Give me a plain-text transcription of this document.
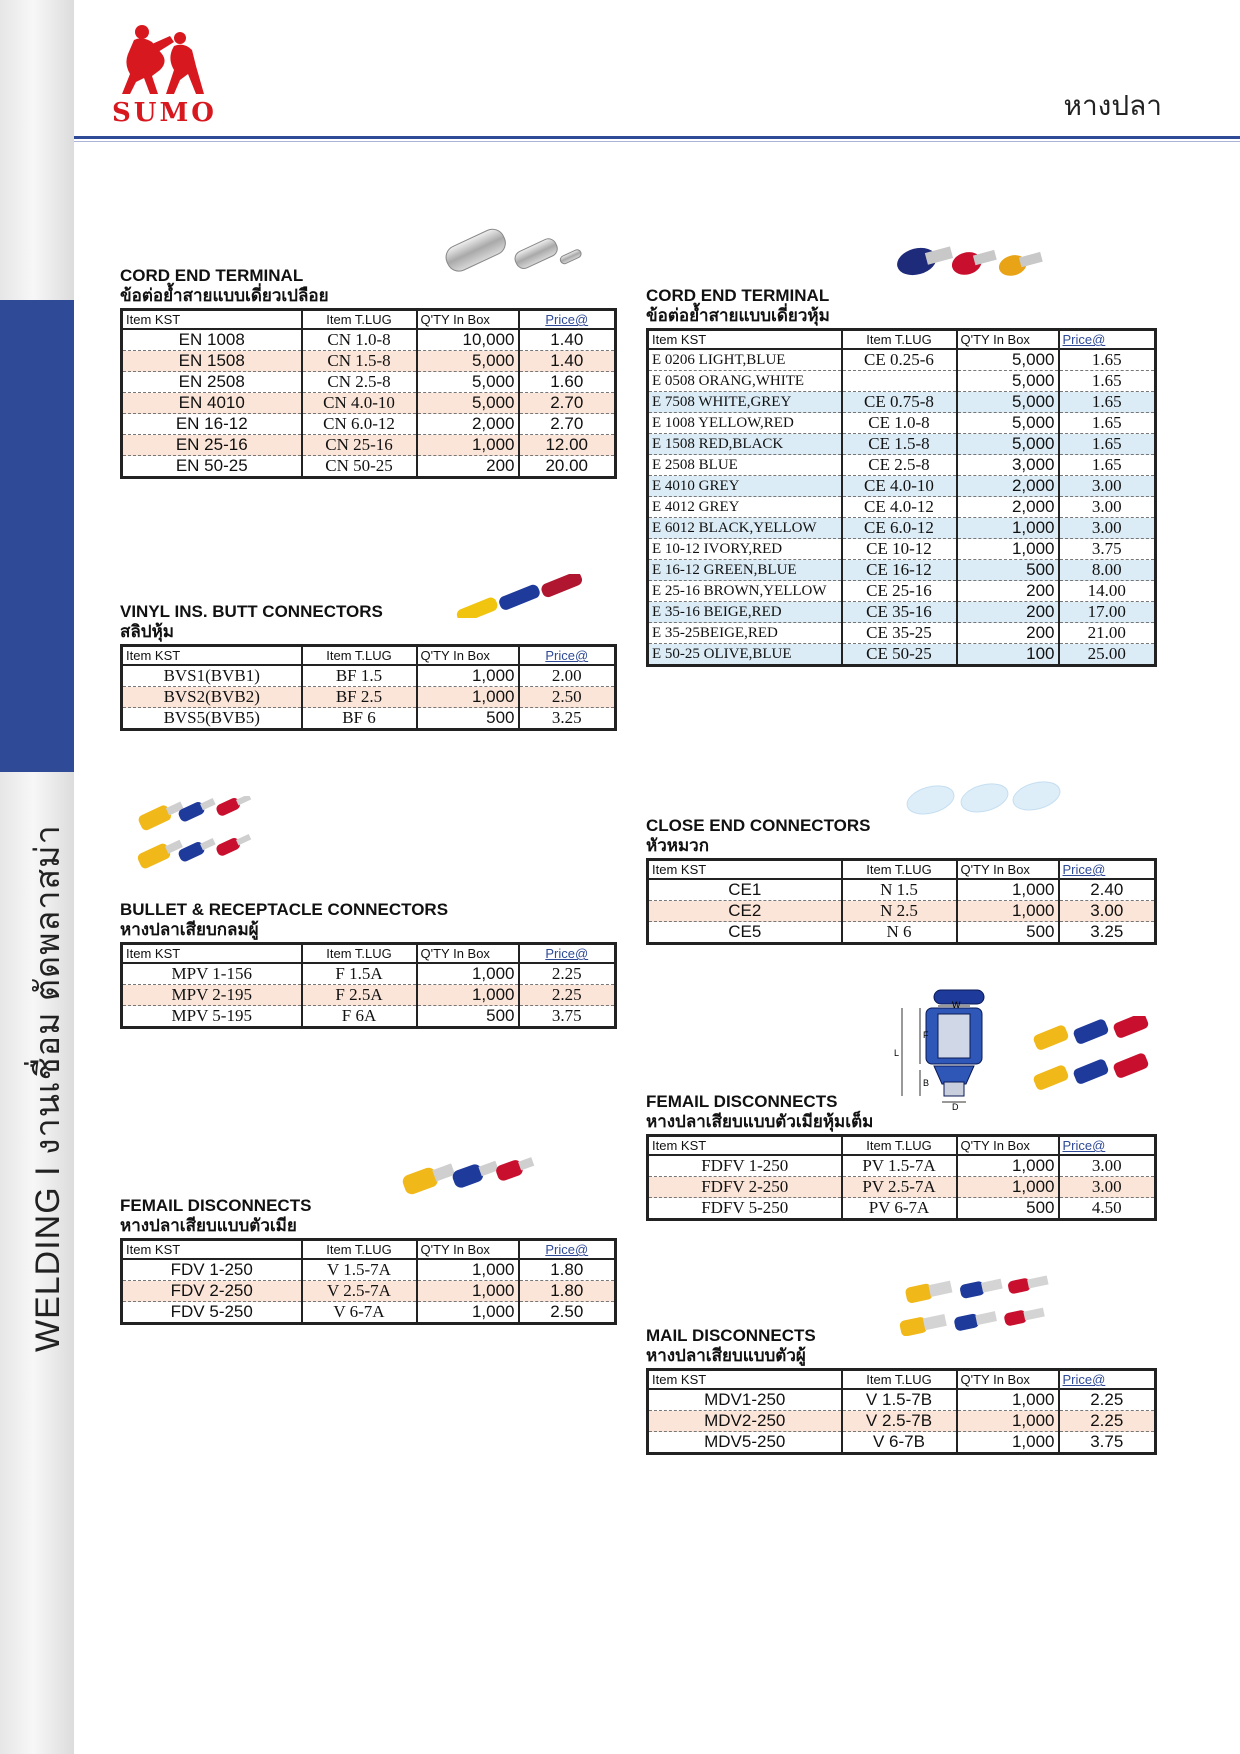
WELDING I งานเชื่อม ตัดพลาสม่า
SUMO	หางปลา
W
F
L
B
D
CORD END TERMINAL
ข้อต่อย้ำสายแบบเดี่ยวเปลือย
Item KST	Item T.LUG	Q'TY In Box	Price@
EN 1008	CN 1.0-8	10,000	1.40
EN 1508	CN 1.5-8	5,000	1.40
EN 2508	CN 2.5-8	5,000	1.60
EN 4010	CN 4.0-10	5,000	2.70
EN 16-12	CN 6.0-12	2,000	2.70
EN 25-16	CN 25-16	1,000	12.00
EN 50-25	CN 50-25	200	20.00
VINYL INS. BUTT CONNECTORS
สลิปหุ้ม
Item KST	Item T.LUG	Q'TY In Box	Price@
BVS1(BVB1)	BF 1.5	1,000	2.00
BVS2(BVB2)	BF 2.5	1,000	2.50
BVS5(BVB5)	BF 6	500	3.25
BULLET & RECEPTACLE CONNECTORS
หางปลาเสียบกลมผู้
Item KST	Item T.LUG	Q'TY In Box	Price@
MPV 1-156	F 1.5A	1,000	2.25
MPV 2-195	F 2.5A	1,000	2.25
MPV 5-195	F 6A	500	3.75
FEMAIL DISCONNECTS
หางปลาเสียบแบบตัวเมีย
Item KST	Item T.LUG	Q'TY In Box	Price@
FDV 1-250	V 1.5-7A	1,000	1.80
FDV 2-250	V 2.5-7A	1,000	1.80
FDV 5-250	V 6-7A	1,000	2.50
CORD END TERMINAL
ข้อต่อย้ำสายแบบเดี่ยวหุ้ม
Item KST	Item T.LUG	Q'TY In Box	Price@
E 0206 LIGHT,BLUE	CE 0.25-6	5,000	1.65
E 0508 ORANG,WHITE		5,000	1.65
E 7508 WHITE,GREY	CE 0.75-8	5,000	1.65
E 1008 YELLOW,RED	CE 1.0-8	5,000	1.65
E 1508 RED,BLACK	CE 1.5-8	5,000	1.65
E 2508 BLUE	CE 2.5-8	3,000	1.65
E 4010 GREY	CE 4.0-10	2,000	3.00
E 4012 GREY	CE 4.0-12	2,000	3.00
E 6012 BLACK,YELLOW	CE 6.0-12	1,000	3.00
E 10-12 IVORY,RED	CE 10-12	1,000	3.75
E 16-12 GREEN,BLUE	CE 16-12	500	8.00
E 25-16 BROWN,YELLOW	CE 25-16	200	14.00
E 35-16 BEIGE,RED	CE 35-16	200	17.00
E 35-25BEIGE,RED	CE 35-25	200	21.00
E 50-25 OLIVE,BLUE	CE 50-25	100	25.00
CLOSE END CONNECTORS
หัวหมวก
Item KST	Item T.LUG	Q'TY In Box	Price@
CE1	N 1.5	1,000	2.40
CE2	N 2.5	1,000	3.00
CE5	N 6	500	3.25
FEMAIL DISCONNECTS
หางปลาเสียบแบบตัวเมียหุ้มเต็ม
Item KST	Item T.LUG	Q'TY In Box	Price@
FDFV 1-250	PV 1.5-7A	1,000	3.00
FDFV 2-250	PV 2.5-7A	1,000	3.00
FDFV 5-250	PV 6-7A	500	4.50
MAIL DISCONNECTS
หางปลาเสียบแบบตัวผู้
Item KST	Item T.LUG	Q'TY In Box	Price@
MDV1-250	V 1.5-7B	1,000	2.25
MDV2-250	V 2.5-7B	1,000	2.25
MDV5-250	V 6-7B	1,000	3.75
